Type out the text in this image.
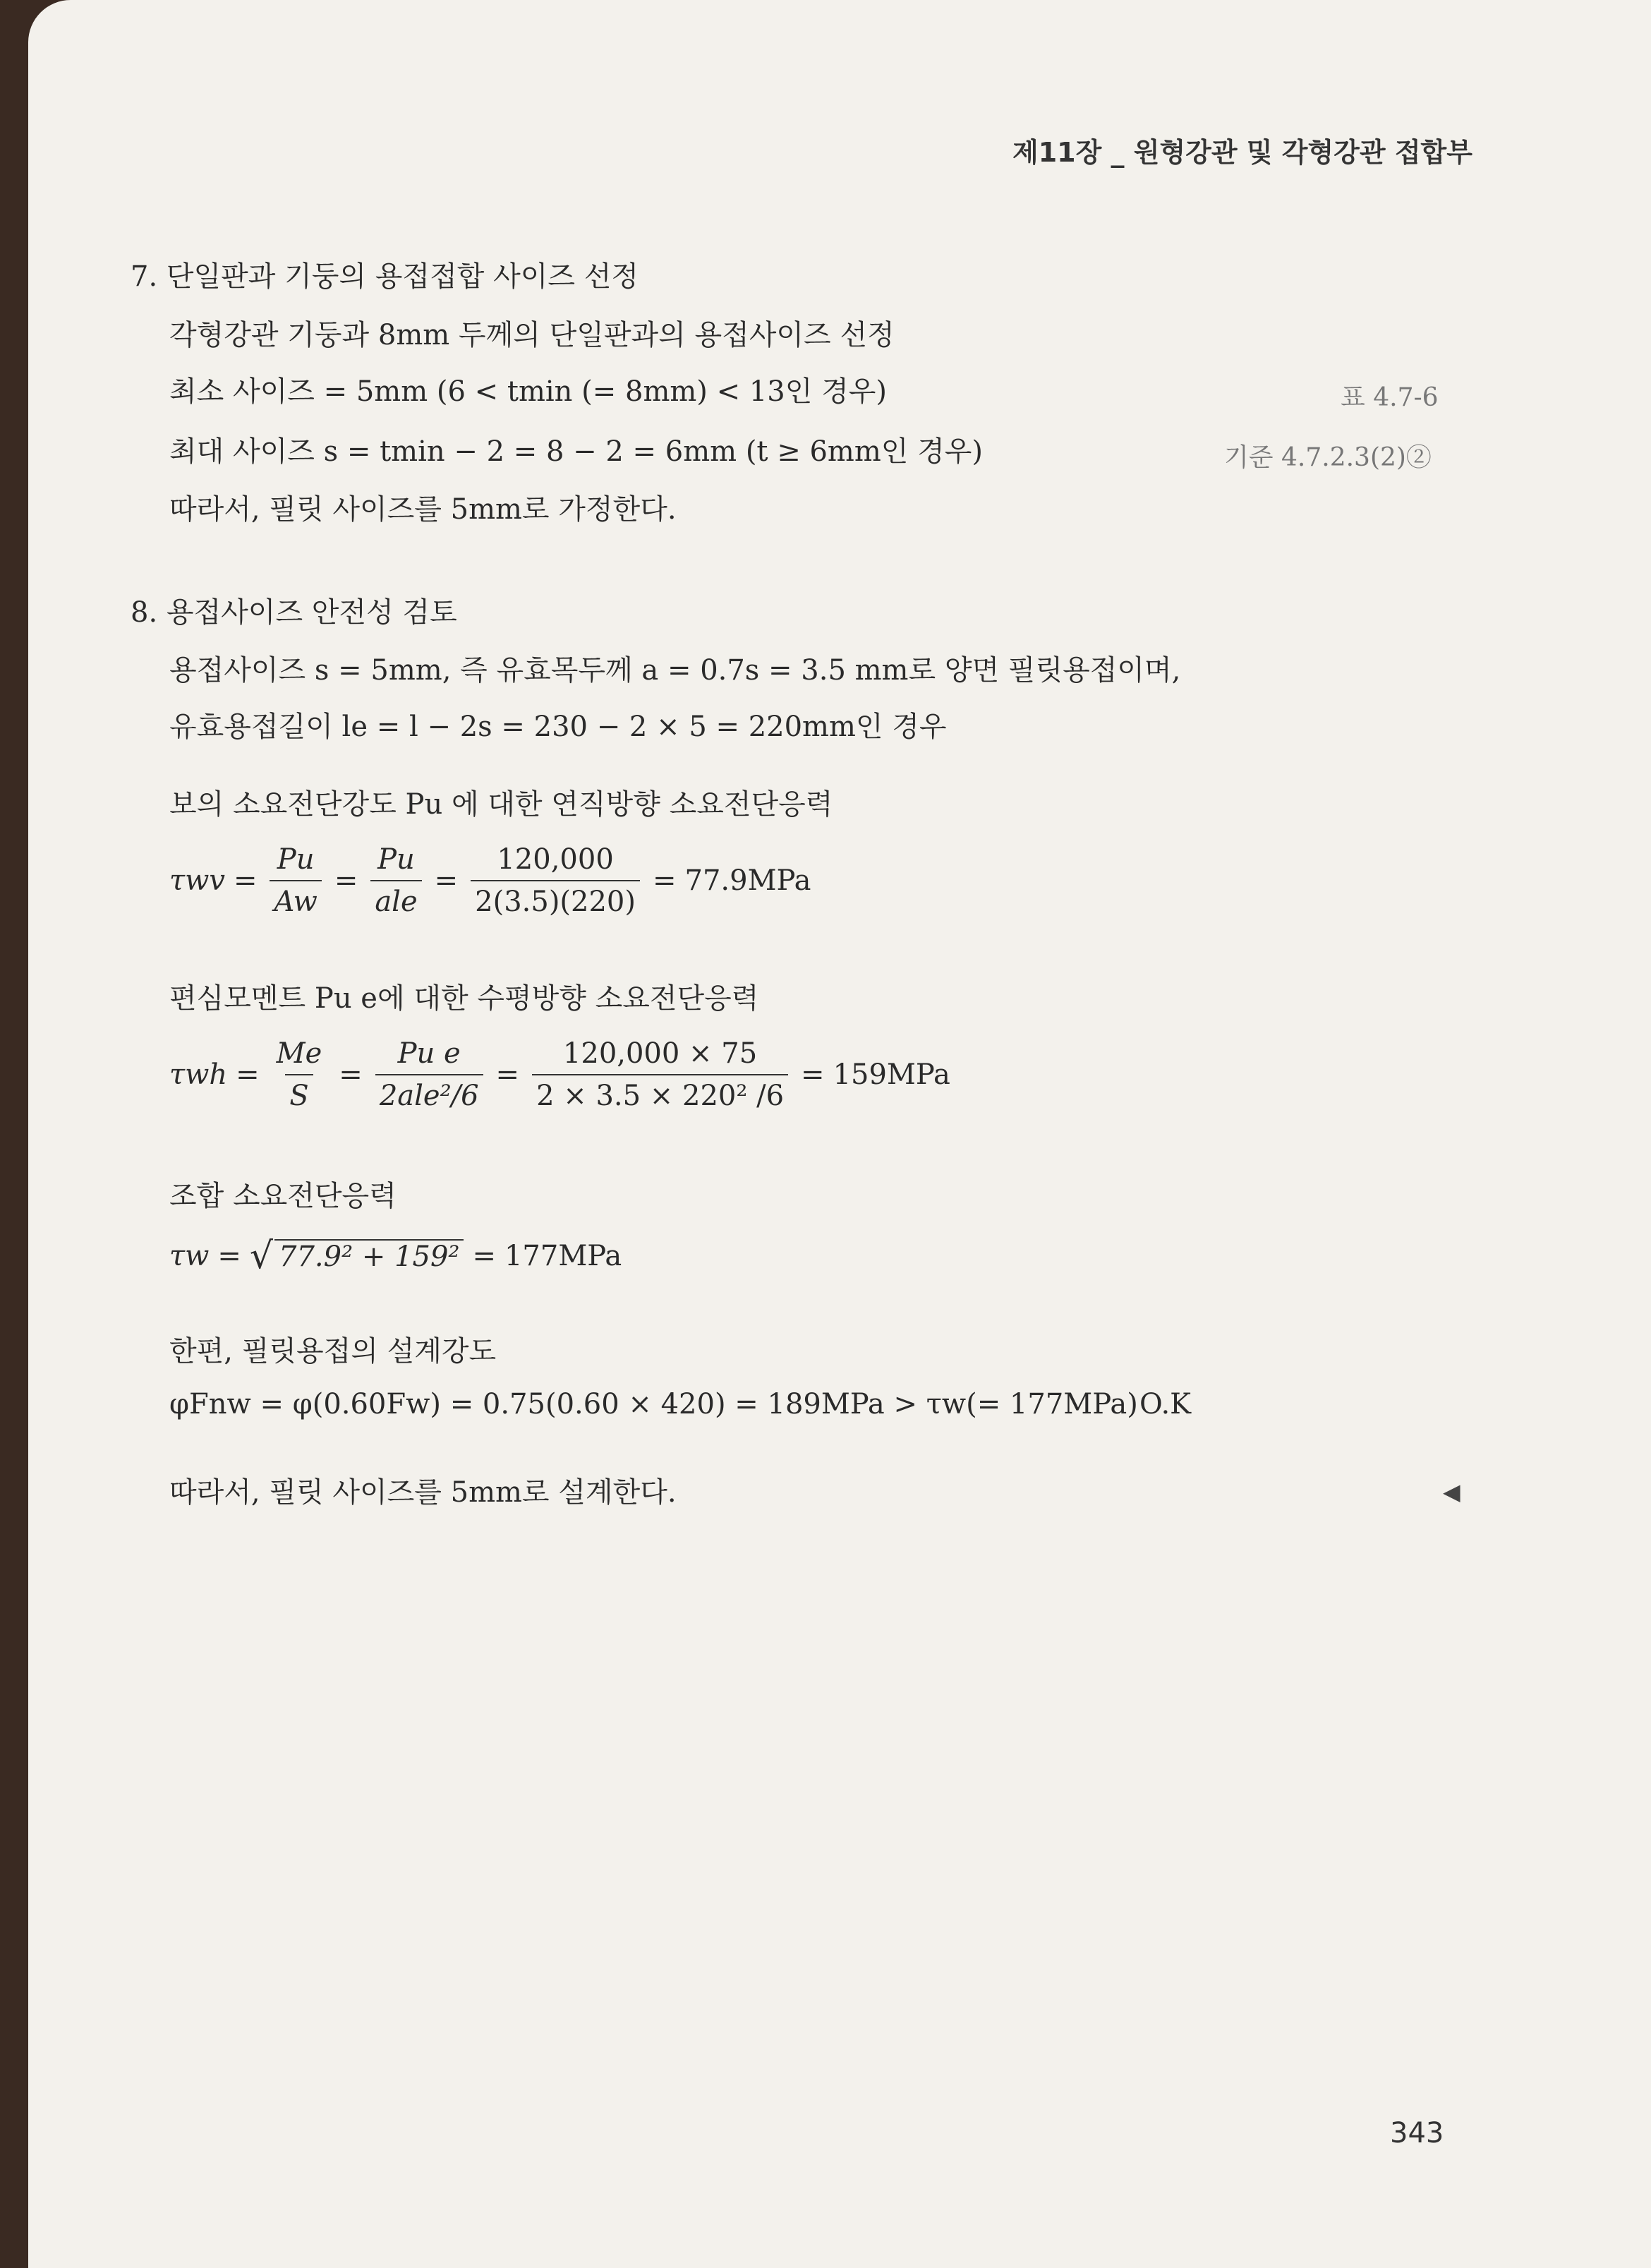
제11장 _ 원형강관 및 각형강관 접합부
7. 단일판과 기둥의 용접접합 사이즈 선정
각형강관 기둥과 8mm 두께의 단일판과의 용접사이즈 선정
최소 사이즈 = 5mm (6 < tmin (= 8mm) < 13인 경우)	표 4.7-6
최대 사이즈 s = tmin − 2 = 8 − 2 = 6mm (t ≥ 6mm인 경우)	기준 4.7.2.3(2)②
따라서, 필릿 사이즈를 5mm로 가정한다.
8. 용접사이즈 안전성 검토
용접사이즈 s = 5mm, 즉 유효목두께 a = 0.7s = 3.5 mm로 양면 필릿용접이며,
유효용접길이 le = l − 2s = 230 − 2 × 5 = 220mm인 경우
보의 소요전단강도 Pu 에 대한 연직방향 소요전단응력
$\tau wv = \frac{Pu}{Aw}$ =
Pu
ale
= $\frac{120,000}{2(3.5)(220)} = 77.9MPa$
편심모멘트 Pu e에 대한 수평방향 소요전단응력
$\tau wh = \frac{Me}{S}$ =
Pu e
2ale²/6
= $\frac{120,000 \times 75}{\text{2 × 3.5 × 220² /6}} = 159MPa$
조합 소요전단응력
τw = √ 77.9² + 159² = 177MPa
한편, 필릿용접의 설계강도
φFnw = φ(0.60Fw) = 0.75(0.60 × 420) = 189MPa > τw(= 177MPa) O.K
따라서, 필릿 사이즈를 5mm로 설계한다.	◀
343
